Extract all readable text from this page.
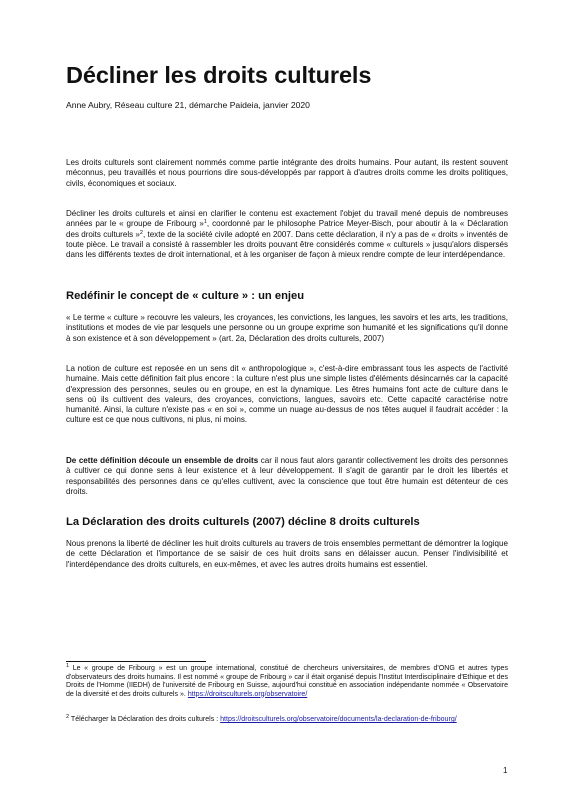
Décliner les droits culturels
Anne Aubry, Réseau culture 21, démarche Paideia, janvier 2020

Les droits culturels sont clairement nommés comme partie intégrante des droits humains. Pour autant, ils restent souvent méconnus, peu travaillés et nous pourrions dire sous-développés par rapport à d'autres droits comme les droits politiques, civils, économiques et sociaux.

Décliner les droits culturels et ainsi en clarifier le contenu est exactement l'objet du travail mené depuis de nombreuses années par le « groupe de Fribourg »$^1$, coordonné par le philosophe Patrice Meyer-Bisch, pour aboutir à la « Déclaration des droits culturels »$^2$, texte de la société civile adopté en 2007. Dans cette déclaration, il n'y a pas de « droits » inventés de toute pièce. Le travail a consisté à rassembler les droits pouvant être considérés comme « culturels » jusqu'alors dispersés dans les différents textes de droit international, et à les organiser de façon à mieux rendre compte de leur interdépendance.

Redéfinir le concept de « culture » : un enjeu

« Le terme « culture » recouvre les valeurs, les croyances, les convictions, les langues, les savoirs et les arts, les traditions, institutions et modes de vie par lesquels une personne ou un groupe exprime son humanité et les significations qu'il donne à son existence et à son développement » (art. 2a, Déclaration des droits culturels, 2007)

La notion de culture est reposée en un sens dit « anthropologique », c'est-à-dire embrassant tous les aspects de l'activité humaine. Mais cette définition fait plus encore : la culture n'est plus une simple listes d'éléments désincarnés car la capacité d'expression des personnes, seules ou en groupe, en est la dynamique. Les êtres humains font acte de culture dans le sens où ils cultivent des valeurs, des croyances, convictions, langues, savoirs etc. Cette capacité caractérise notre humanité. Ainsi, la culture n'existe pas « en soi », comme un nuage au-dessus de nos têtes auquel il faudrait accéder : la culture est ce que nous cultivons, ni plus, ni moins.

De cette définition découle un ensemble de droits car il nous faut alors garantir collectivement les droits des personnes à cultiver ce qui donne sens à leur existence et à leur développement. Il s'agit de garantir par le droit les libertés et responsabilités des personnes dans ce qu'elles cultivent, avec la conscience que tout être humain est détenteur de ces droits.

La Déclaration des droits culturels (2007) décline 8 droits culturels

Nous prenons la liberté de décliner les huit droits culturels au travers de trois ensembles permettant de démontrer la logique de cette Déclaration et l'importance de se saisir de ces huit droits sans en délaisser aucun. Penser l'indivisibilité et l'interdépendance des droits culturels, en eux-mêmes, et avec les autres droits humains est essentiel.

$^1$ Le « groupe de Fribourg » est un groupe international, constitué de chercheurs universitaires, de membres d'ONG et autres types d'observateurs des droits humains. Il est nommé « groupe de Fribourg » car il était organisé depuis l'Institut Interdisciplinaire d'Ethique et des Droits de l'Homme (IIEDH) de l'université de Fribourg en Suisse, aujourd'hui constitué en association indépendante nommée « Observatoire de la diversité et des droits culturels ». https://droitsculturels.org/observatoire/

$^2$ Télécharger la Déclaration des droits culturels : https://droitsculturels.org/observatoire/documents/la-declaration-de-fribourg/

1
